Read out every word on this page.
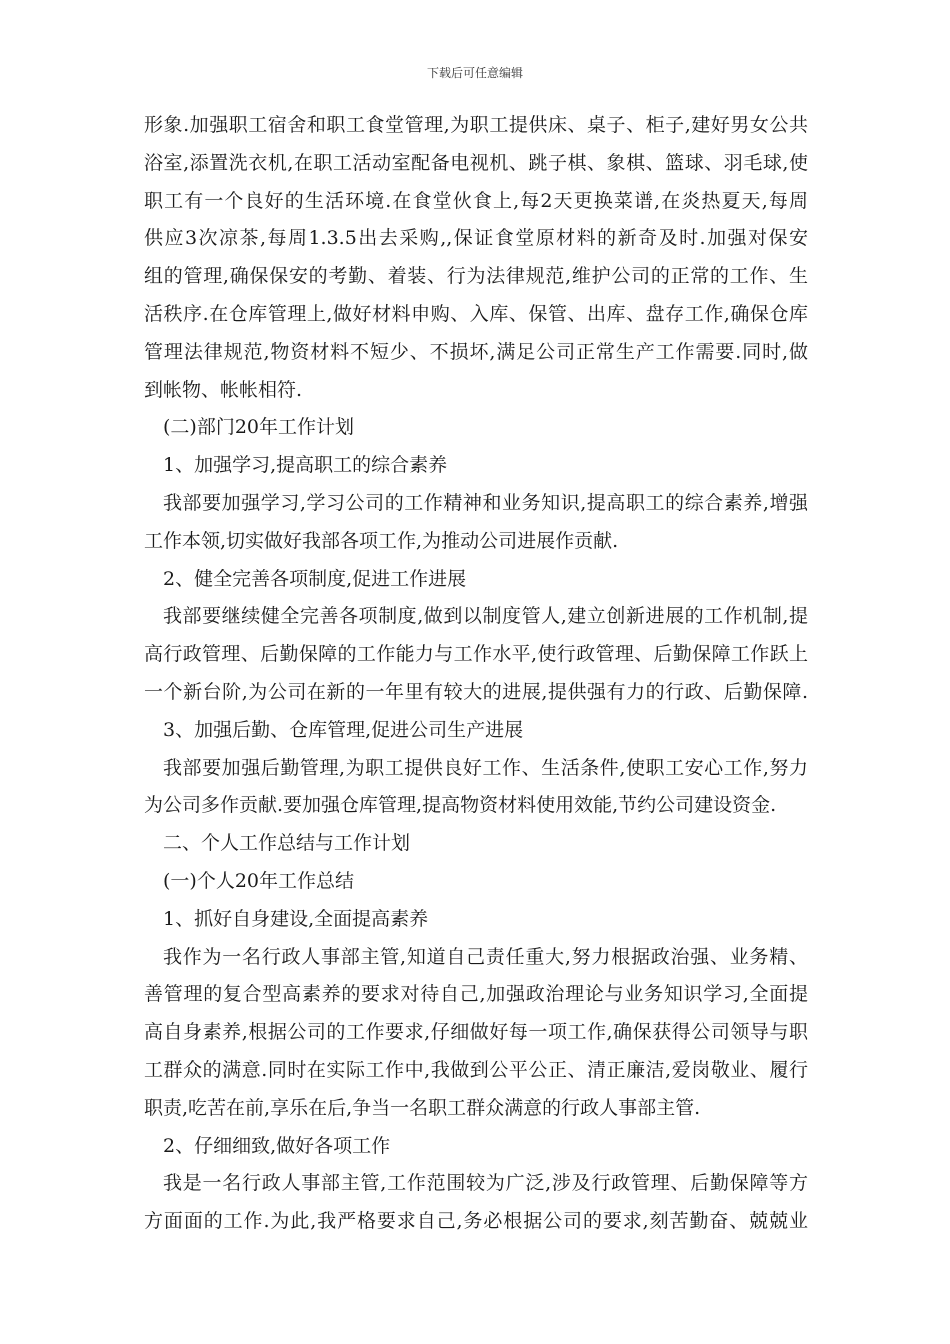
下载后可任意编辑
形象.加强职工宿舍和职工食堂管理,为职工提供床、桌子、柜子,建好男女公共
浴室,添置洗衣机,在职工活动室配备电视机、跳子棋、象棋、篮球、羽毛球,使
职工有一个良好的生活环境.在食堂伙食上,每2天更换菜谱,在炎热夏天,每周
供应3次凉茶,每周1.3.5出去采购,,保证食堂原材料的新奇及时.加强对保安
组的管理,确保保安的考勤、着装、行为法律规范,维护公司的正常的工作、生
活秩序.在仓库管理上,做好材料申购、入库、保管、出库、盘存工作,确保仓库
管理法律规范,物资材料不短少、不损坏,满足公司正常生产工作需要.同时,做
到帐物、帐帐相符.
(二)部门20年工作计划
1、加强学习,提高职工的综合素养
我部要加强学习,学习公司的工作精神和业务知识,提高职工的综合素养,增强
工作本领,切实做好我部各项工作,为推动公司进展作贡献.
2、健全完善各项制度,促进工作进展
我部要继续健全完善各项制度,做到以制度管人,建立创新进展的工作机制,提
高行政管理、后勤保障的工作能力与工作水平,使行政管理、后勤保障工作跃上
一个新台阶,为公司在新的一年里有较大的进展,提供强有力的行政、后勤保障.
3、加强后勤、仓库管理,促进公司生产进展
我部要加强后勤管理,为职工提供良好工作、生活条件,使职工安心工作,努力
为公司多作贡献.要加强仓库管理,提高物资材料使用效能,节约公司建设资金.
二、个人工作总结与工作计划
(一)个人20年工作总结
1、抓好自身建设,全面提高素养
我作为一名行政人事部主管,知道自己责任重大,努力根据政治强、业务精、
善管理的复合型高素养的要求对待自己,加强政治理论与业务知识学习,全面提
高自身素养,根据公司的工作要求,仔细做好每一项工作,确保获得公司领导与职
工群众的满意.同时在实际工作中,我做到公平公正、清正廉洁,爱岗敬业、履行
职责,吃苦在前,享乐在后,争当一名职工群众满意的行政人事部主管.
2、仔细细致,做好各项工作
我是一名行政人事部主管,工作范围较为广泛,涉及行政管理、后勤保障等方
方面面的工作.为此,我严格要求自己,务必根据公司的要求,刻苦勤奋、兢兢业
